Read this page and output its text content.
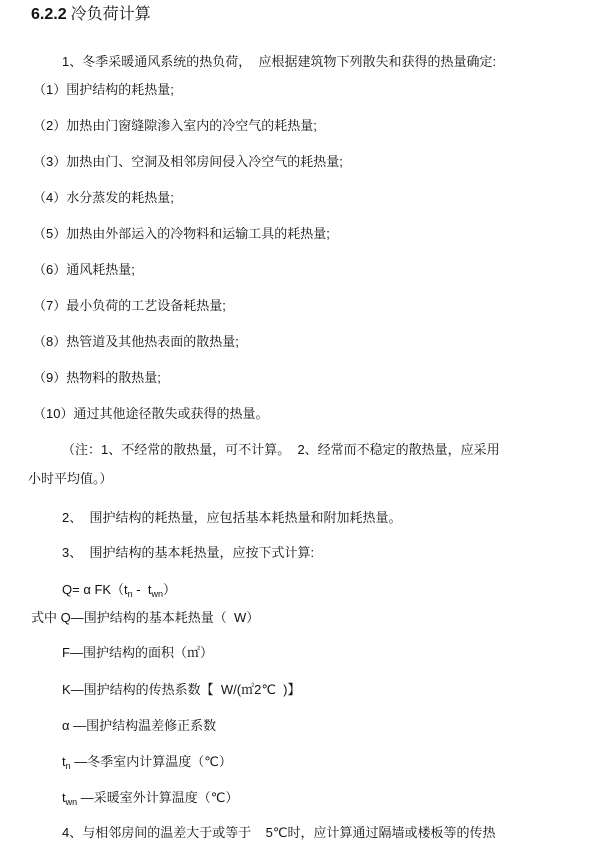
6.2.2 冷负荷计算
1、冬季采暖通风系统的热负荷，  应根据建筑物下列散失和获得的热量确定:
（1）围护结构的耗热量;
（2）加热由门窗缝隙渗入室内的冷空气的耗热量;
（3）加热由门、空洞及相邻房间侵入冷空气的耗热量;
（4）水分蒸发的耗热量;
（5）加热由外部运入的冷物料和运输工具的耗热量;
（6）通风耗热量;
（7）最小负荷的工艺设备耗热量;
（8）热管道及其他热表面的散热量;
（9）热物料的散热量;
（10）通过其他途径散失或获得的热量。
（注：1、不经常的散热量，可不计算。  2、经常而不稳定的散热量，应采用
小时平均值。）
2、  围护结构的耗热量，应包括基本耗热量和附加耗热量。
3、  围护结构的基本耗热量，应按下式计算:
Q= α $FK(t_n - t_{wn})$
式中 Q—围护结构的基本耗热量（  W）
F—围护结构的面积（㎡）
K—围护结构的传热系数【  W/(㎡2℃  )】
α —围护结构温差修正系数
$t_n$ —冬季室内计算温度（℃）
$t_{wn}$ —采暖室外计算温度（℃）
4、与相邻房间的温差大于或等于    5℃时，应计算通过隔墙或楼板等的传热
